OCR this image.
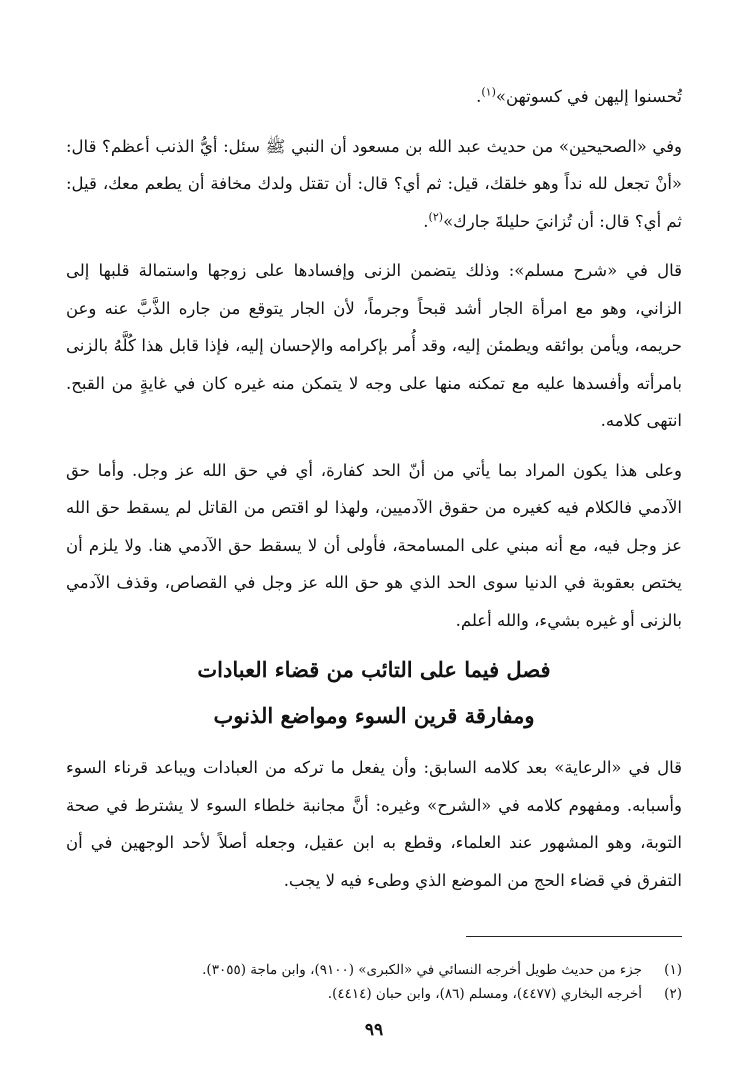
تُحسنوا إليهن في كسوتهن»$^{(١)}$.

وفي «الصحيحين» من حديث عبد الله بن مسعود أن النبي ﷺ سئل: أيُّ الذنب أعظم؟ قال: «أنْ تجعل لله نداً وهو خلقك، قيل: ثم أي؟ قال: أن تقتل ولدك مخافة أن يطعم معك، قيل: ثم أي؟ قال: أن تُزانيَ حليلةَ جارك»$^{(٢)}$.

قال في «شرح مسلم»: وذلك يتضمن الزنى وإفسادها على زوجها واستمالة قلبها إلى الزاني، وهو مع امرأة الجار أشد قبحاً وجرماً، لأن الجار يتوقع من جاره الذَّبَّ عنه وعن حريمه، ويأمن بوائقه ويطمئن إليه، وقد أُمر بإكرامه والإحسان إليه، فإذا قابل هذا كُلَّهُ بالزنى بامرأته وأفسدها عليه مع تمكنه منها على وجه لا يتمكن منه غيره كان في غايةٍ من القبح. انتهى كلامه.

وعلى هذا يكون المراد بما يأتي من أنّ الحد كفارة، أي في حق الله عز وجل. وأما حق الآدمي فالكلام فيه كغيره من حقوق الآدميين، ولهذا لو اقتص من القاتل لم يسقط حق الله عز وجل فيه، مع أنه مبني على المسامحة، فأولى أن لا يسقط حق الآدمي هنا. ولا يلزم أن يختص بعقوبة في الدنيا سوى الحد الذي هو حق الله عز وجل في القصاص، وقذف الآدمي بالزنى أو غيره بشيء، والله أعلم.

فصل فيما على التائب من قضاء العبادات

ومفارقة قرين السوء ومواضع الذنوب

قال في «الرعاية» بعد كلامه السابق: وأن يفعل ما تركه من العبادات ويباعد قرناء السوء وأسبابه. ومفهوم كلامه في «الشرح» وغيره: أنَّ مجانبة خلطاء السوء لا يشترط في صحة التوبة، وهو المشهور عند العلماء، وقطع به ابن عقيل، وجعله أصلاً لأحد الوجهين في أن التفرق في قضاء الحج من الموضع الذي وطىء فيه لا يجب.

(١)جزء من حديث طويل أخرجه النسائي في «الكبرى» (٩١٠٠)، وابن ماجة (٣٠٥٥).

(٢)أخرجه البخاري (٤٤٧٧)، ومسلم (٨٦)، وابن حبان (٤٤١٤).

٩٩
